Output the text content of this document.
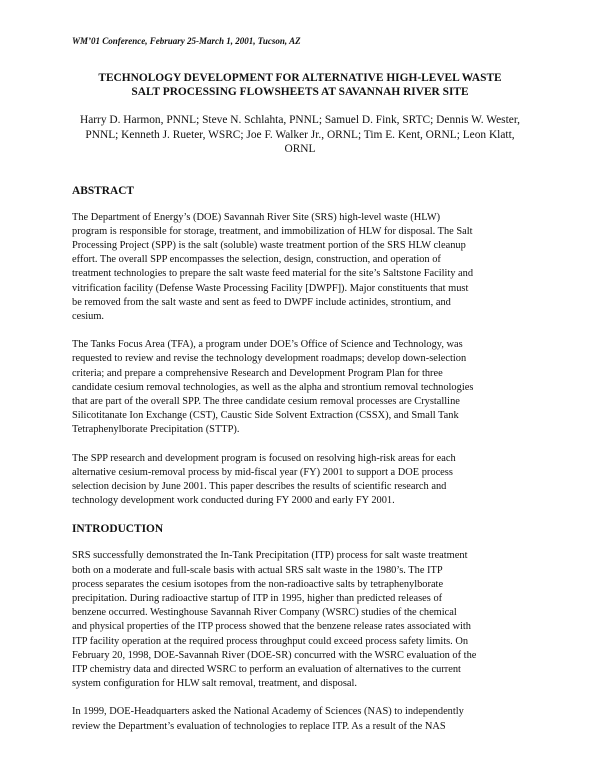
WM’01 Conference, February 25-March 1, 2001, Tucson, AZ
TECHNOLOGY DEVELOPMENT FOR ALTERNATIVE HIGH-LEVEL WASTE
SALT PROCESSING FLOWSHEETS AT SAVANNAH RIVER SITE
Harry D. Harmon, PNNL; Steve N. Schlahta, PNNL; Samuel D. Fink, SRTC; Dennis W. Wester,
PNNL; Kenneth J. Rueter, WSRC; Joe F. Walker Jr., ORNL; Tim E. Kent, ORNL; Leon Klatt,
ORNL
ABSTRACT
The Department of Energy’s (DOE) Savannah River Site (SRS) high-level waste (HLW)
program is responsible for storage, treatment, and immobilization of HLW for disposal. The Salt
Processing Project (SPP) is the salt (soluble) waste treatment portion of the SRS HLW cleanup
effort. The overall SPP encompasses the selection, design, construction, and operation of
treatment technologies to prepare the salt waste feed material for the site’s Saltstone Facility and
vitrification facility (Defense Waste Processing Facility [DWPF]). Major constituents that must
be removed from the salt waste and sent as feed to DWPF include actinides, strontium, and
cesium.
The Tanks Focus Area (TFA), a program under DOE’s Office of Science and Technology, was
requested to review and revise the technology development roadmaps; develop down-selection
criteria; and prepare a comprehensive Research and Development Program Plan for three
candidate cesium removal technologies, as well as the alpha and strontium removal technologies
that are part of the overall SPP. The three candidate cesium removal processes are Crystalline
Silicotitanate Ion Exchange (CST), Caustic Side Solvent Extraction (CSSX), and Small Tank
Tetraphenylborate Precipitation (STTP).
The SPP research and development program is focused on resolving high-risk areas for each
alternative cesium-removal process by mid-fiscal year (FY) 2001 to support a DOE process
selection decision by June 2001. This paper describes the results of scientific research and
technology development work conducted during FY 2000 and early FY 2001.
INTRODUCTION
SRS successfully demonstrated the In-Tank Precipitation (ITP) process for salt waste treatment
both on a moderate and full-scale basis with actual SRS salt waste in the 1980’s. The ITP
process separates the cesium isotopes from the non-radioactive salts by tetraphenylborate
precipitation. During radioactive startup of ITP in 1995, higher than predicted releases of
benzene occurred. Westinghouse Savannah River Company (WSRC) studies of the chemical
and physical properties of the ITP process showed that the benzene release rates associated with
ITP facility operation at the required process throughput could exceed process safety limits. On
February 20, 1998, DOE-Savannah River (DOE-SR) concurred with the WSRC evaluation of the
ITP chemistry data and directed WSRC to perform an evaluation of alternatives to the current
system configuration for HLW salt removal, treatment, and disposal.
In 1999, DOE-Headquarters asked the National Academy of Sciences (NAS) to independently
review the Department’s evaluation of technologies to replace ITP. As a result of the NAS
